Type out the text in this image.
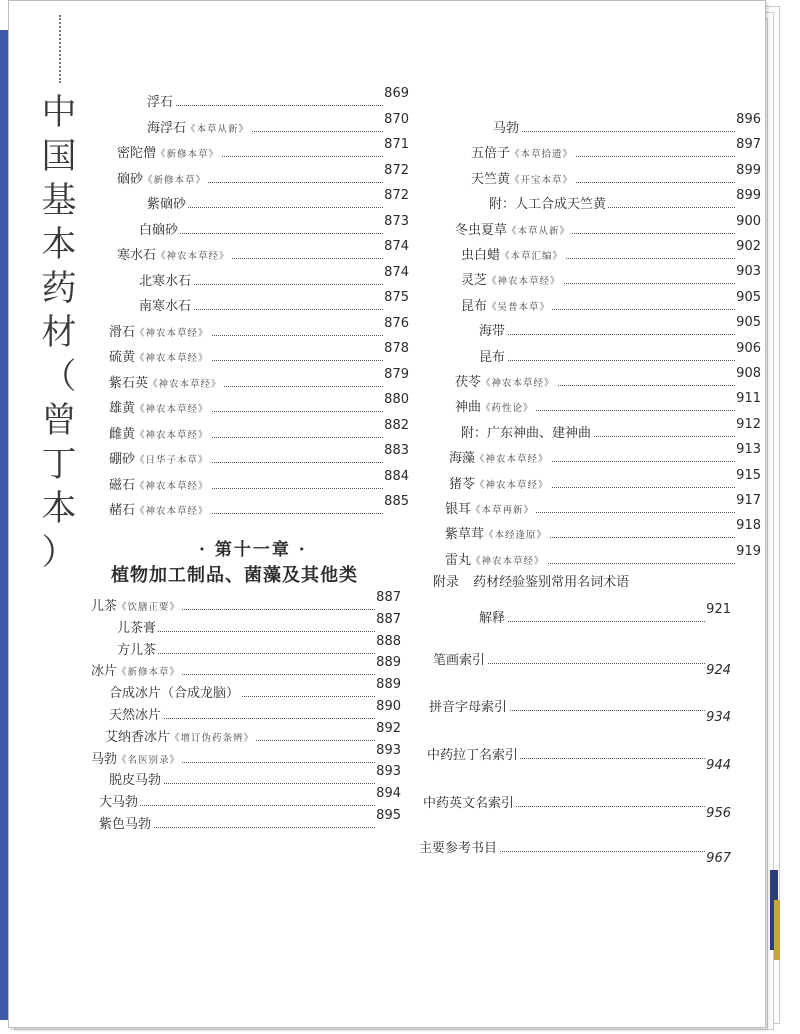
中
国
基
本
药
材
（
曾
丁
本
）
浮石
869
海浮石《本草从新》
870
密陀僧《新修本草》
871
硇砂《新修本草》
872
紫硇砂
872
白硇砂
873
寒水石《神农本草经》
874
北寒水石
874
南寒水石
875
滑石《神农本草经》
876
硫黄《神农本草经》
878
紫石英《神农本草经》
879
雄黄《神农本草经》
880
雌黄《神农本草经》
882
硼砂《日华子本草》
883
磁石《神农本草经》
884
赭石《神农本草经》
885
· 第十一章 ·
植物加工制品、菌藻及其他类
儿茶《饮膳正要》
887
儿茶膏
887
方儿茶
888
冰片《新修本草》
889
合成冰片（合成龙脑）
889
天然冰片
890
艾纳香冰片《增订伪药条辨》
892
马勃《名医别录》
893
脱皮马勃
893
大马勃
894
紫色马勃
895
马勃
896
五倍子《本草拾遗》
897
天竺黄《开宝本草》
899
附：人工合成天竺黄
899
冬虫夏草《本草从新》
900
虫白蜡《本草汇编》
902
灵芝《神农本草经》
903
昆布《吴普本草》
905
海带
905
昆布
906
茯苓《神农本草经》
908
神曲《药性论》
911
附：广东神曲、建神曲
912
海藻《神农本草经》
913
猪苓《神农本草经》
915
银耳《本草再新》
917
紫草茸《本经逢原》
918
雷丸《神农本草经》
919
附录 药材经验鉴别常用名词术语
解释
921
笔画索引
924
拼音字母索引
934
中药拉丁名索引
944
中药英文名索引
956
主要参考书目
967
